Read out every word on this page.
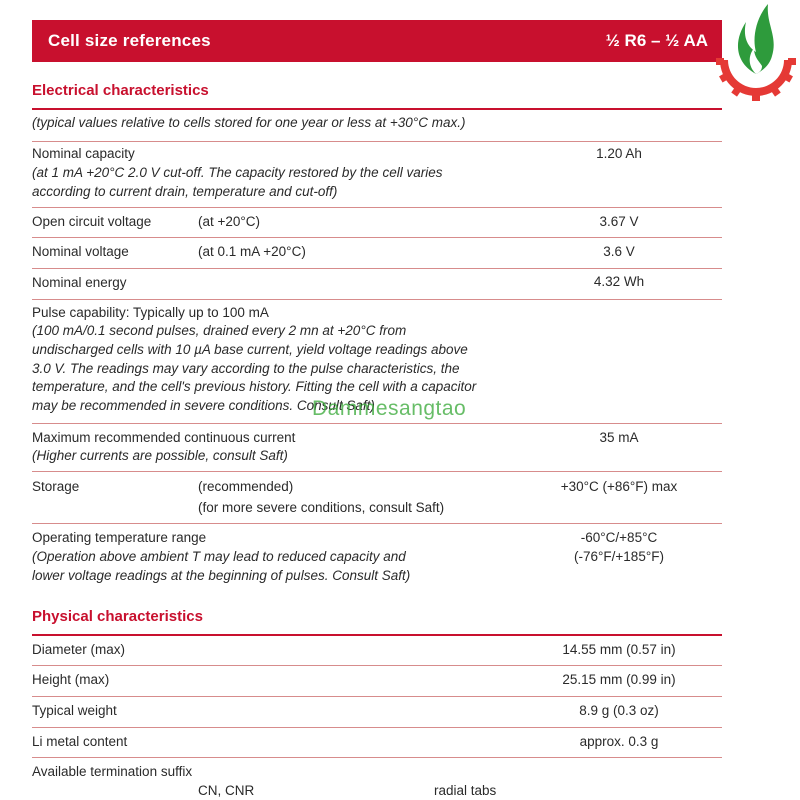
Cell size references	½ R6 – ½ AA
Electrical characteristics
(typical values relative to cells stored for one year or less at +30°C max.)
Nominal capacity
(at 1 mA +20°C 2.0 V cut-off. The capacity restored by the cell varies
according to current drain, temperature and cut-off)
1.20 Ah
Open circuit voltage	(at +20°C)	3.67 V
Nominal voltage	(at 0.1 mA +20°C)	3.6 V
Nominal energy	4.32 Wh
Pulse capability: Typically up to 100 mA
(100 mA/0.1 second pulses, drained every 2 mn at +20°C from
undischarged cells with 10 µA base current, yield voltage readings above
3.0 V. The readings may vary according to the pulse characteristics, the
temperature, and the cell's previous history. Fitting the cell with a capacitor
may be recommended in severe conditions. Consult Saft)
Maximum recommended continuous current
(Higher currents are possible, consult Saft)
35 mA
Storage	(recommended)
(for more severe conditions, consult Saft)
+30°C (+86°F) max
Operating temperature range
(Operation above ambient T may lead to reduced capacity and
lower voltage readings at the beginning of pulses. Consult Saft)
-60°C/+85°C
(-76°F/+185°F)
Physical characteristics
Diameter (max)	14.55 mm (0.57 in)
Height (max)	25.15 mm (0.99 in)
Typical weight	8.9 g (0.3 oz)
Li metal content	approx. 0.3 g
Available termination suffix
CN, CNR	radial tabs
Dammesangtao
